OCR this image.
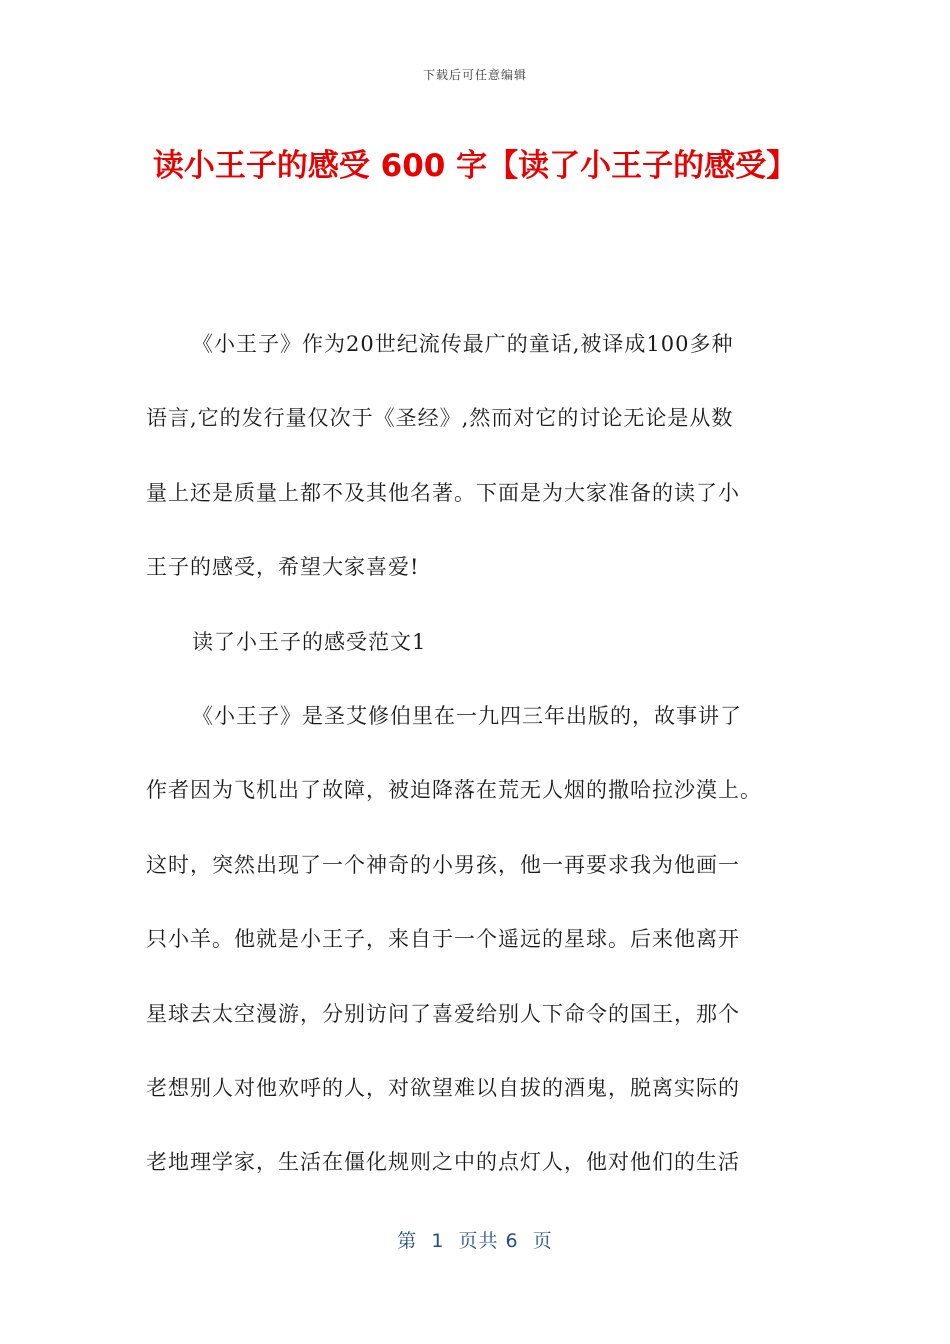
下载后可任意编辑
读小王子的感受 600 字【读了小王子的感受】
《小王子》作为20世纪流传最广的童话,被译成100多种
语言,它的发行量仅次于《圣经》,然而对它的讨论无论是从数
量上还是质量上都不及其他名著。下面是为大家准备的读了小
王子的感受，希望大家喜爱!
读了小王子的感受范文1
《小王子》是圣艾修伯里在一九四三年出版的，故事讲了
作者因为飞机出了故障，被迫降落在荒无人烟的撒哈拉沙漠上。
这时，突然出现了一个神奇的小男孩，他一再要求我为他画一
只小羊。他就是小王子，来自于一个遥远的星球。后来他离开
星球去太空漫游，分别访问了喜爱给别人下命令的国王，那个
老想别人对他欢呼的人，对欲望难以自拔的酒鬼，脱离实际的
老地理学家，生活在僵化规则之中的点灯人，他对他们的生活
第  1  页共 6  页
